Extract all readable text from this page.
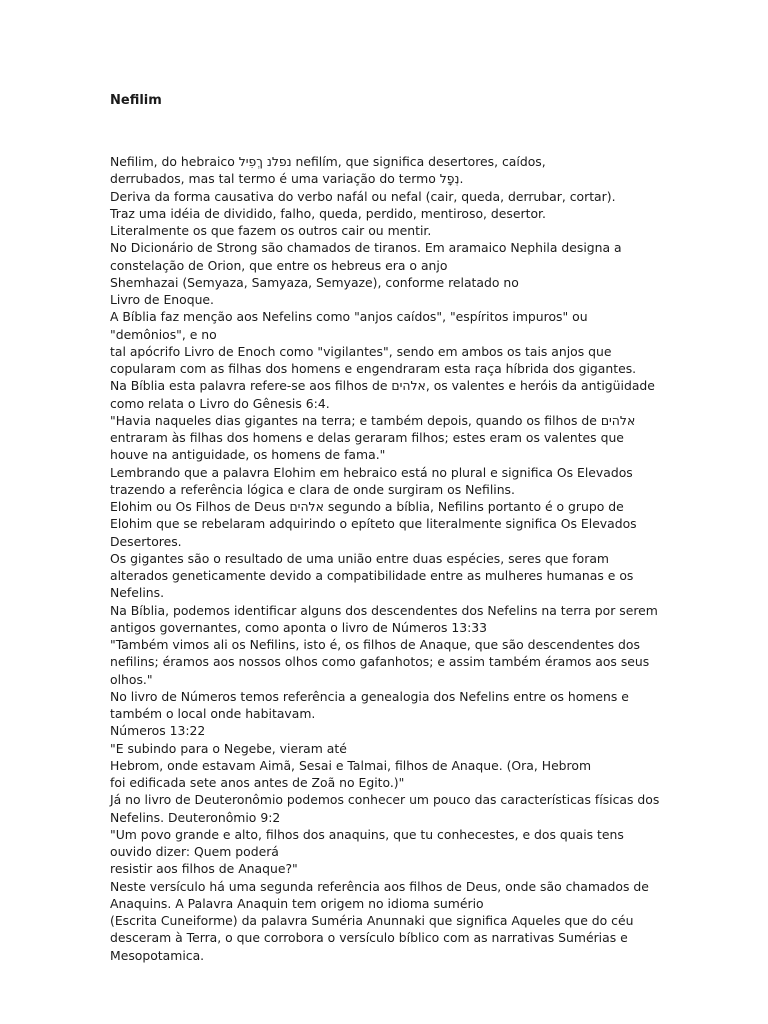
Nefilim
Nefilim, do hebraico נפלנ ךְפִיל nefilím, que significa desertores, caídos,
derrubados, mas tal termo é uma variação do termo נְפָל.
Deriva da forma causativa do verbo nafál ou nefal (cair, queda, derrubar, cortar).
Traz uma idéia de dividido, falho, queda, perdido, mentiroso, desertor.
Literalmente os que fazem os outros cair ou mentir.
No Dicionário de Strong são chamados de tiranos. Em aramaico Nephila designa a
constelação de Orion, que entre os hebreus era o anjo
Shemhazai (Semyaza, Samyaza, Semyaze), conforme relatado no
Livro de Enoque.
A Bíblia faz menção aos Nefelins como "anjos caídos", "espíritos impuros" ou
"demônios", e no
tal apócrifo Livro de Enoch como "vigilantes", sendo em ambos os tais anjos que
copularam com as filhas dos homens e engendraram esta raça híbrida dos gigantes.
Na Bíblia esta palavra refere-se aos filhos de אלהים, os valentes e heróis da antigüidade
como relata o Livro do Gênesis 6:4.
"Havia naqueles dias gigantes na terra; e também depois, quando os filhos de אלהים
entraram às filhas dos homens e delas geraram filhos; estes eram os valentes que
houve na antiguidade, os homens de fama."
Lembrando que a palavra Elohim em hebraico está no plural e significa Os Elevados
trazendo a referência lógica e clara de onde surgiram os Nefilins.
Elohim ou Os Filhos de Deus אלהים segundo a bíblia, Nefilins portanto é o grupo de
Elohim que se rebelaram adquirindo o epíteto que literalmente significa Os Elevados
Desertores.
Os gigantes são o resultado de uma união entre duas espécies, seres que foram
alterados geneticamente devido a compatibilidade entre as mulheres humanas e os
Nefelins.
Na Bíblia, podemos identificar alguns dos descendentes dos Nefelins na terra por serem
antigos governantes, como aponta o livro de Números 13:33
"Também vimos ali os Nefilins, isto é, os filhos de Anaque, que são descendentes dos
nefilins; éramos aos nossos olhos como gafanhotos; e assim também éramos aos seus
olhos."
No livro de Números temos referência a genealogia dos Nefelins entre os homens e
também o local onde habitavam.
Números 13:22
"E subindo para o Negebe, vieram até
Hebrom, onde estavam Aimã, Sesai e Talmai, filhos de Anaque. (Ora, Hebrom
foi edificada sete anos antes de Zoã no Egito.)"
Já no livro de Deuteronômio podemos conhecer um pouco das características físicas dos
Nefelins. Deuteronômio 9:2
"Um povo grande e alto, filhos dos anaquins, que tu conhecestes, e dos quais tens
ouvido dizer: Quem poderá
resistir aos filhos de Anaque?"
Neste versículo há uma segunda referência aos filhos de Deus, onde são chamados de
Anaquins. A Palavra Anaquin tem origem no idioma sumério
(Escrita Cuneiforme) da palavra Suméria Anunnaki que significa Aqueles que do céu
desceram à Terra, o que corrobora o versículo bíblico com as narrativas Sumérias e
Mesopotamica.
